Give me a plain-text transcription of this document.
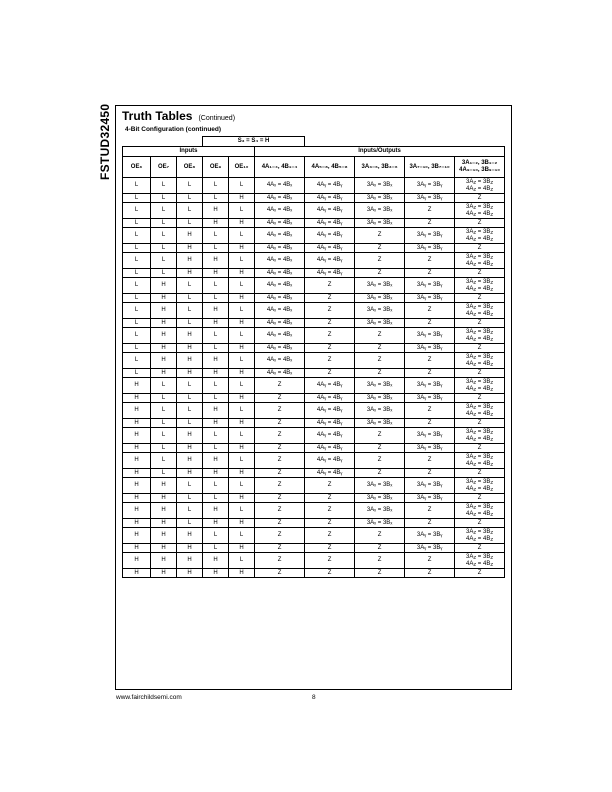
FSTUD32450 Truth Tables (Continued)
4-Bit Configuration (continued)
			S₃ = S₄ = H						
Inputs					Inputs/Outputs				
OE₆	OE₇	OE₈	OE₉	OE₁₀	4A₁₋₄, 4B₁₋₄	4A₅₋₈, 4B₅₋₈	3A₃₋₆, 3B₃₋₆	3A₇₋₁₀, 3B₇₋₁₀	3A₁₋₂, 3B₁₋₂
4A₉₋₁₀, 3B₉₋₁₀

L	L	L	L	L	4Aₓ = 4Bₓ	4Aᵧ = 4Bᵧ	3Aₓ = 3Bₓ	3Aᵧ = 3Bᵧ	$3A_Z = 3B_Z$
$4A_Z = 4B_Z$

L	L	L	L	H	4Aₓ = 4Bₓ	4Aᵧ = 4Bᵧ	3Aₓ = 3Bₓ	3Aᵧ = 3Bᵧ	Z

L	L	L	H	L	4Aₓ = 4Bₓ	4Aᵧ = 4Bᵧ	3Aₓ = 3Bₓ	Z	$3A_Z = 3B_Z$
$4A_Z = 4B_Z$

L	L	L	H	H	4Aₓ = 4Bₓ	4Aᵧ = 4Bᵧ	3Aₓ = 3Bₓ	Z	Z

L	L	H	L	L	4Aₓ = 4Bₓ	4Aᵧ = 4Bᵧ	Z	3Aᵧ = 3Bᵧ	$3A_Z = 3B_Z$
$4A_Z = 4B_Z$

L	L	H	L	H	4Aₓ = 4Bₓ	4Aᵧ = 4Bᵧ	Z	3Aᵧ = 3Bᵧ	Z

L	L	H	H	L	4Aₓ = 4Bₓ	4Aᵧ = 4Bᵧ	Z	Z	$3A_Z = 3B_Z$
$4A_Z = 4B_Z$

L	L	H	H	H	4Aₓ = 4Bₓ	4Aᵧ = 4Bᵧ	Z	Z	Z

L	H	L	L	L	4Aₓ = 4Bₓ	Z	3Aₓ = 3Bₓ	3Aᵧ = 3Bᵧ	$3A_Z = 3B_Z$
$4A_Z = 4B_Z$

L	H	L	L	H	4Aₓ = 4Bₓ	Z	3Aₓ = 3Bₓ	3Aᵧ = 3Bᵧ	Z

L	H	L	H	L	4Aₓ = 4Bₓ	Z	3Aₓ = 3Bₓ	Z	$3A_Z = 3B_Z$
$4A_Z = 4B_Z$

L	H	L	H	H	4Aₓ = 4Bₓ	Z	3Aₓ = 3Bₓ	Z	Z

L	H	H	L	L	4Aₓ = 4Bₓ	Z	Z	3Aᵧ = 3Bᵧ	$3A_Z = 3B_Z$
$4A_Z = 4B_Z$

L	H	H	L	H	4Aₓ = 4Bₓ	Z	Z	3Aᵧ = 3Bᵧ	Z

L	H	H	H	L	4Aₓ = 4Bₓ	Z	Z	Z	$3A_Z = 3B_Z$
$4A_Z = 4B_Z$

L	H	H	H	H	4Aₓ = 4Bₓ	Z	Z	Z	Z

H	L	L	L	L	Z	4Aᵧ = 4Bᵧ	3Aₓ = 3Bₓ	3Aᵧ = 3Bᵧ	$3A_Z = 3B_Z$
$4A_Z = 4B_Z$

H	L	L	L	H	Z	4Aᵧ = 4Bᵧ	3Aₓ = 3Bₓ	3Aᵧ = 3Bᵧ	Z

H	L	L	H	L	Z	4Aᵧ = 4Bᵧ	3Aₓ = 3Bₓ	Z	$3A_Z = 3B_Z$
$4A_Z = 4B_Z$

H	L	L	H	H	Z	4Aᵧ = 4Bᵧ	3Aₓ = 3Bₓ	Z	Z

H	L	H	L	L	Z	4Aᵧ = 4Bᵧ	Z	3Aᵧ = 3Bᵧ	$3A_Z = 3B_Z$
$4A_Z = 4B_Z$

H	L	H	L	H	Z	4Aᵧ = 4Bᵧ	Z	3Aᵧ = 3Bᵧ	Z

H	L	H	H	L	Z	4Aᵧ = 4Bᵧ	Z	Z	$3A_Z = 3B_Z$
$4A_Z = 4B_Z$

H	L	H	H	H	Z	4Aᵧ = 4Bᵧ	Z	Z	Z

H	H	L	L	L	Z	Z	3Aₓ = 3Bₓ	3Aᵧ = 3Bᵧ	$3A_Z = 3B_Z$
$4A_Z = 4B_Z$

H	H	L	L	H	Z	Z	3Aₓ = 3Bₓ	3Aᵧ = 3Bᵧ	Z

H	H	L	H	L	Z	Z	3Aₓ = 3Bₓ	Z	$3A_Z = 3B_Z$
$4A_Z = 4B_Z$

H	H	L	H	H	Z	Z	3Aₓ = 3Bₓ	Z	Z

H	H	H	L	L	Z	Z	Z	3Aᵧ = 3Bᵧ	$3A_Z = 3B_Z$
$4A_Z = 4B_Z$

H	H	H	L	H	Z	Z	Z	3Aᵧ = 3Bᵧ	Z

H	H	H	H	L	Z	Z	Z	Z	$3A_Z = 3B_Z$
$4A_Z = 4B_Z$

H	H	H	H	H	Z	Z	Z	Z	Z
www.fairchildsemi.com	8
